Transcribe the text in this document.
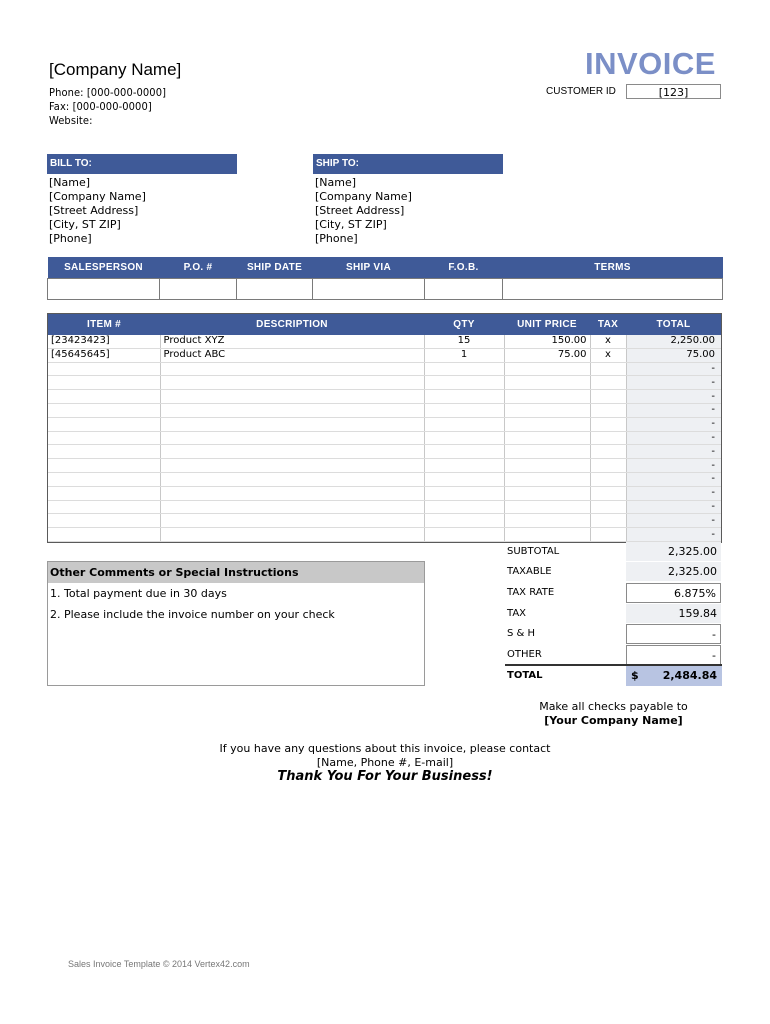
[Company Name]
Phone: [000-000-0000]
Fax: [000-000-0000]
Website:
INVOICE
CUSTOMER ID	[123]
BILL TO:
[Name]
[Company Name]
[Street Address]
[City, ST ZIP]
[Phone]
SHIP TO:
[Name]
[Company Name]
[Street Address]
[City, ST ZIP]
[Phone]
SALESPERSON	P.O. #	SHIP DATE	SHIP VIA	F.O.B.	TERMS

ITEM #	DESCRIPTION	QTY	UNIT PRICE	TAX	TOTAL
[23423423]	Product XYZ	15	150.00	x	2,250.00
[45645645]	Product ABC	1	75.00	x	75.00
					-
					-
					-
					-
					-
					-
					-
					-
					-
					-
					-
					-
					-
Other Comments or Special Instructions
1. Total payment due in 30 days
2. Please include the invoice number on your check
SUBTOTAL	2,325.00
TAXABLE	2,325.00
TAX RATE	6.875%
TAX	159.84
S & H	-
OTHER	-
TOTAL	$ 2,484.84
Make all checks payable to
[Your Company Name]
If you have any questions about this invoice, please contact
[Name, Phone #, E-mail]
Thank You For Your Business!
Sales Invoice Template © 2014 Vertex42.com
